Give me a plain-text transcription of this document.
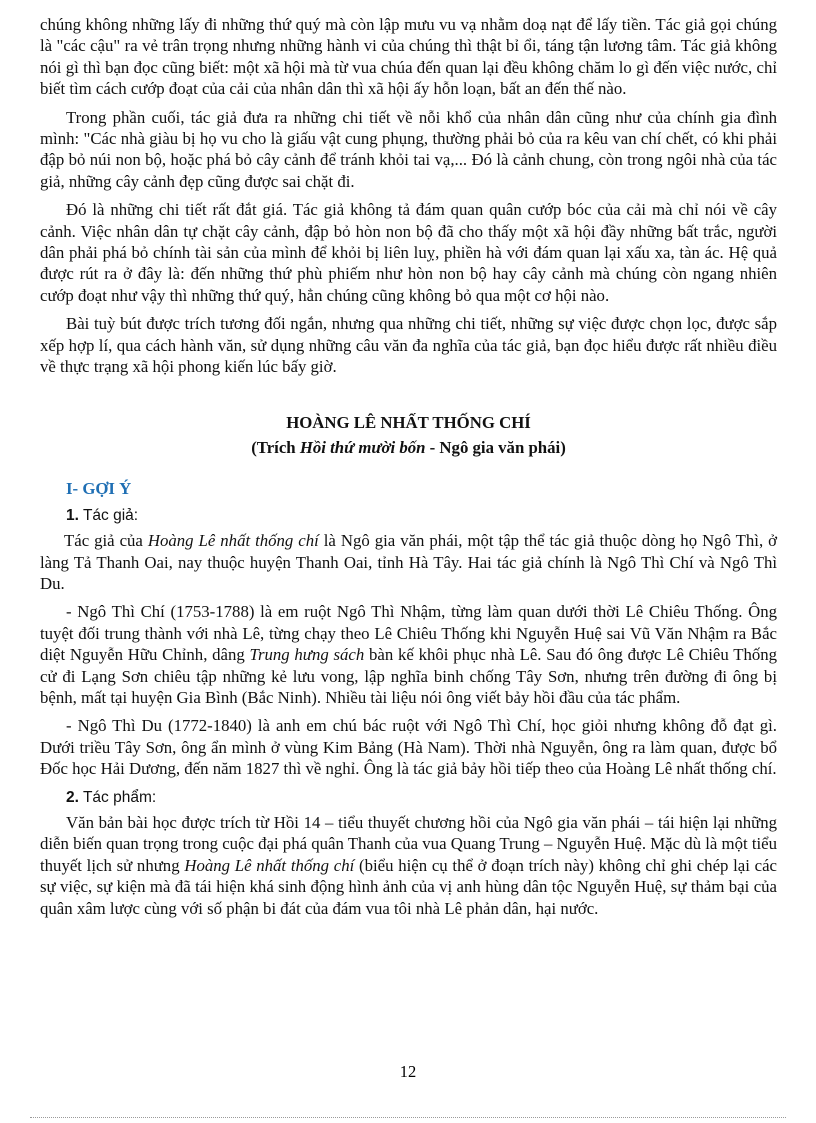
chúng không những lấy đi những thứ quý mà còn lập mưu vu vạ nhằm doạ nạt để lấy tiền. Tác giả gọi chúng là "các cậu" ra vẻ trân trọng nhưng những hành vi của chúng thì thật bỉ ổi, táng tận lương tâm. Tác giả không nói gì thì bạn đọc cũng biết: một xã hội mà từ vua chúa đến quan lại đều không chăm lo gì đến việc nước, chỉ biết tìm cách cướp đoạt của cải của nhân dân thì xã hội ấy hỗn loạn, bất an đến thế nào.

Trong phần cuối, tác giả đưa ra những chi tiết về nỗi khổ của nhân dân cũng như của chính gia đình mình: "Các nhà giàu bị họ vu cho là giấu vật cung phụng, thường phải bỏ của ra kêu van chí chết, có khi phải đập bỏ núi non bộ, hoặc phá bỏ cây cảnh để tránh khỏi tai vạ,... Đó là cảnh chung, còn trong ngôi nhà của tác giả, những cây cảnh đẹp cũng được sai chặt đi.

Đó là những chi tiết rất đắt giá. Tác giả không tả đám quan quân cướp bóc của cải mà chỉ nói về cây cảnh. Việc nhân dân tự chặt cây cảnh, đập bỏ hòn non bộ đã cho thấy một xã hội đầy những bất trắc, người dân phải phá bỏ chính tài sản của mình để khỏi bị liên luỵ, phiền hà với đám quan lại xấu xa, tàn ác. Hệ quả được rút ra ở đây là: đến những thứ phù phiếm như hòn non bộ hay cây cảnh mà chúng còn ngang nhiên cướp đoạt như vậy thì những thứ quý, hẳn chúng cũng không bỏ qua một cơ hội nào.

Bài tuỳ bút được trích tương đối ngắn, nhưng qua những chi tiết, những sự việc được chọn lọc, được sắp xếp hợp lí, qua cách hành văn, sử dụng những câu văn đa nghĩa của tác giả, bạn đọc hiểu được rất nhiều điều về thực trạng xã hội phong kiến lúc bấy giờ.

HOÀNG LÊ NHẤT THỐNG CHÍ
(Trích Hồi thứ mười bốn - Ngô gia văn phái)
I- GỢI Ý
1. Tác giả:

Tác giả của Hoàng Lê nhất thống chí là Ngô gia văn phái, một tập thể tác giả thuộc dòng họ Ngô Thì, ở làng Tả Thanh Oai, nay thuộc huyện Thanh Oai, tỉnh Hà Tây. Hai tác giả chính là Ngô Thì Chí và Ngô Thì Du.

- Ngô Thì Chí (1753-1788) là em ruột Ngô Thì Nhậm, từng làm quan dưới thời Lê Chiêu Thống. Ông tuyệt đối trung thành với nhà Lê, từng chạy theo Lê Chiêu Thống khi Nguyễn Huệ sai Vũ Văn Nhậm ra Bắc diệt Nguyễn Hữu Chỉnh, dâng Trung hưng sách bàn kế khôi phục nhà Lê. Sau đó ông được Lê Chiêu Thống cử đi Lạng Sơn chiêu tập những kẻ lưu vong, lập nghĩa binh chống Tây Sơn, nhưng trên đường đi ông bị bệnh, mất tại huyện Gia Bình (Bắc Ninh). Nhiều tài liệu nói ông viết bảy hồi đầu của tác phẩm.

- Ngô Thì Du (1772-1840) là anh em chú bác ruột với Ngô Thì Chí, học giỏi nhưng không đỗ đạt gì. Dưới triều Tây Sơn, ông ẩn mình ở vùng Kim Bảng (Hà Nam). Thời nhà Nguyễn, ông ra làm quan, được bổ Đốc học Hải Dương, đến năm 1827 thì về nghỉ. Ông là tác giả bảy hồi tiếp theo của Hoàng Lê nhất thống chí.

2. Tác phẩm:

Văn bản bài học được trích từ Hồi 14 – tiểu thuyết chương hồi của Ngô gia văn phái – tái hiện lại những diễn biến quan trọng trong cuộc đại phá quân Thanh của vua Quang Trung – Nguyễn Huệ. Mặc dù là một tiểu thuyết lịch sử nhưng Hoàng Lê nhất thống chí (biểu hiện cụ thể ở đoạn trích này) không chỉ ghi chép lại các sự việc, sự kiện mà đã tái hiện khá sinh động hình ảnh của vị anh hùng dân tộc Nguyễn Huệ, sự thảm bại của quân xâm lược cùng với số phận bi đát của đám vua tôi nhà Lê phản dân, hại nước.

12
